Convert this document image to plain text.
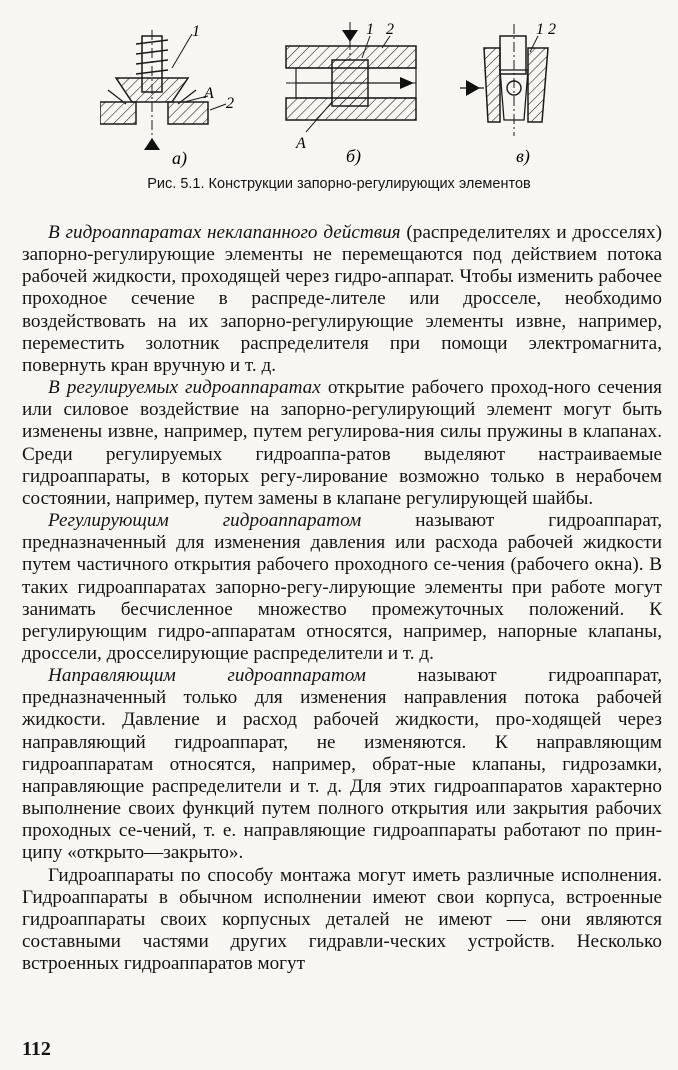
1
A
2
а)
1 2
A
б)
1 2
в)
Рис. 5.1. Конструкции запорно-регулирующих элементов

В гидроаппаратах неклапанного действия (распределителях и дросселях) запорно-регулирующие элементы не перемещаются под действием потока рабочей жидкости, проходящей через гидро-аппарат. Чтобы изменить рабочее проходное сечение в распреде-лителе или дросселе, необходимо воздействовать на их запорно-регулирующие элементы извне, например, переместить золотник распределителя при помощи электромагнита, повернуть кран вручную и т. д.

В регулируемых гидроаппаратах открытие рабочего проход-ного сечения или силовое воздействие на запорно-регулирующий элемент могут быть изменены извне, например, путем регулирова-ния силы пружины в клапанах. Среди регулируемых гидроаппа-ратов выделяют настраиваемые гидроаппараты, в которых регу-лирование возможно только в нерабочем состоянии, например, путем замены в клапане регулирующей шайбы.

Регулирующим гидроаппаратом называют гидроаппарат, предназначенный для изменения давления или расхода рабочей жидкости путем частичного открытия рабочего проходного се-чения (рабочего окна). В таких гидроаппаратах запорно-регу-лирующие элементы при работе могут занимать бесчисленное множество промежуточных положений. К регулирующим гидро-аппаратам относятся, например, напорные клапаны, дроссели, дросселирующие распределители и т. д.

Направляющим гидроаппаратом называют гидроаппарат, предназначенный только для изменения направления потока рабочей жидкости. Давление и расход рабочей жидкости, про-ходящей через направляющий гидроаппарат, не изменяются. К направляющим гидроаппаратам относятся, например, обрат-ные клапаны, гидрозамки, направляющие распределители и т. д. Для этих гидроаппаратов характерно выполнение своих функций путем полного открытия или закрытия рабочих проходных се-чений, т. е. направляющие гидроаппараты работают по прин-ципу «открыто—закрыто».

Гидроаппараты по способу монтажа могут иметь различные исполнения. Гидроаппараты в обычном исполнении имеют свои корпуса, встроенные гидроаппараты своих корпусных деталей не имеют — они являются составными частями других гидравли-ческих устройств. Несколько встроенных гидроаппаратов могут

112
